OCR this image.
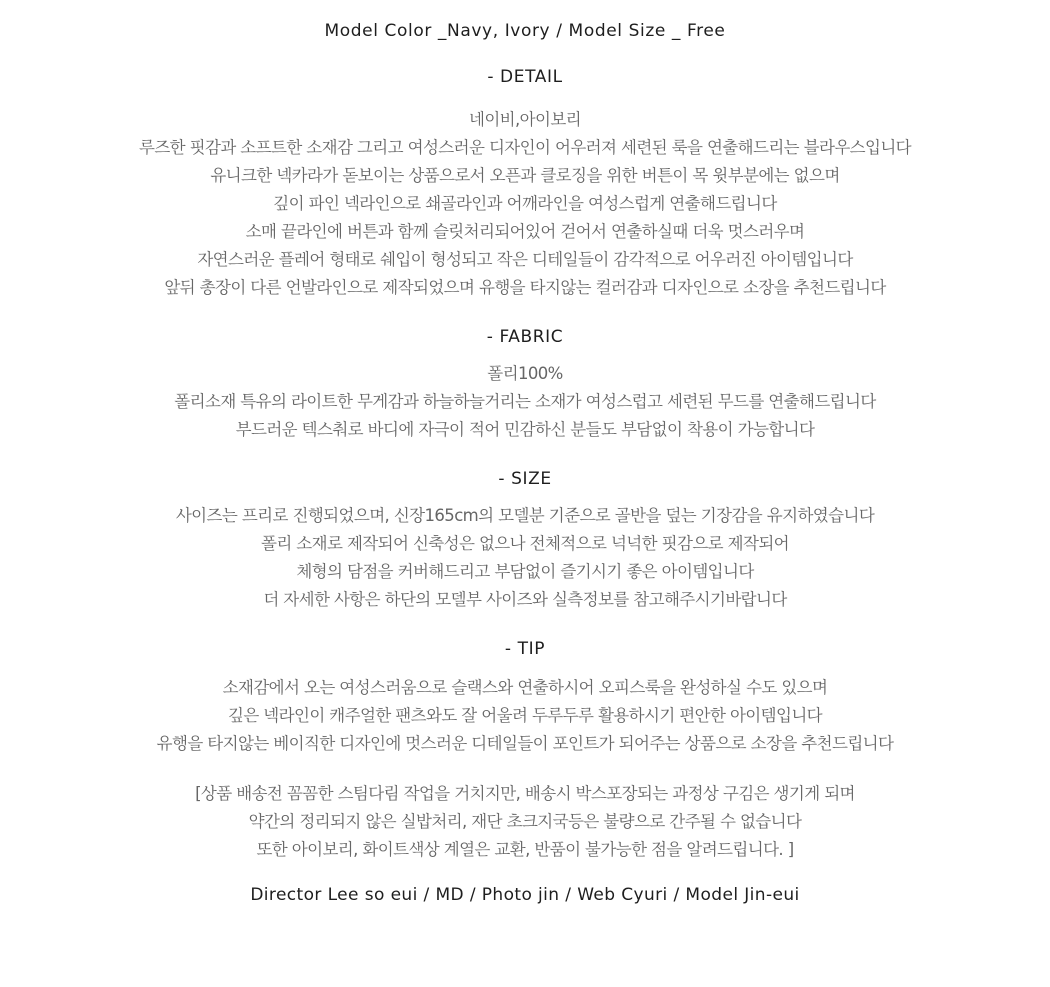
Model Color _Navy, Ivory / Model Size _ Free
- DETAIL
네이비,아이보리
루즈한 핏감과 소프트한 소재감 그리고 여성스러운 디자인이 어우러져 세련된 룩을 연출해드리는 블라우스입니다
유니크한 넥카라가 돋보이는 상품으로서 오픈과 클로징을 위한 버튼이 목 윗부분에는 없으며
깊이 파인 넥라인으로 쇄골라인과 어깨라인을 여성스럽게 연출해드립니다
소매 끝라인에 버튼과 함께 슬릿처리되어있어 걷어서 연출하실때 더욱 멋스러우며
자연스러운 플레어 형태로 쉐입이 형성되고 작은 디테일들이 감각적으로 어우러진 아이템입니다
앞뒤 총장이 다른 언발라인으로 제작되었으며 유행을 타지않는 컬러감과 디자인으로 소장을 추천드립니다
- FABRIC
폴리100%
폴리소재 특유의 라이트한 무게감과 하늘하늘거리는 소재가 여성스럽고 세련된 무드를 연출해드립니다
부드러운 텍스춰로 바디에 자극이 적어 민감하신 분들도 부담없이 착용이 가능합니다
- SIZE
사이즈는 프리로 진행되었으며, 신장165cm의 모델분 기준으로 골반을 덮는 기장감을 유지하였습니다
폴리 소재로 제작되어 신축성은 없으나 전체적으로 넉넉한 핏감으로 제작되어
체형의 담점을 커버해드리고 부담없이 즐기시기 좋은 아이템입니다
더 자세한 사항은 하단의 모델부 사이즈와 실측정보를 참고해주시기바랍니다
- TIP
소재감에서 오는 여성스러움으로 슬랙스와 연출하시어 오피스룩을 완성하실 수도 있으며
깊은 넥라인이 캐주얼한 팬츠와도 잘 어울려 두루두루 활용하시기 편안한 아이템입니다
유행을 타지않는 베이직한 디자인에 멋스러운 디테일들이 포인트가 되어주는 상품으로 소장을 추천드립니다
[상품 배송전 꼼꼼한 스팀다림 작업을 거치지만, 배송시 박스포장되는 과정상 구김은 생기게 되며
약간의 정리되지 않은 실밥처리, 재단 초크지국등은 불량으로 간주될 수 없습니다
또한 아이보리, 화이트색상 계열은 교환, 반품이 불가능한 점을 알려드립니다. ]
Director Lee so eui / MD / Photo jin / Web Cyuri / Model Jin-eui
